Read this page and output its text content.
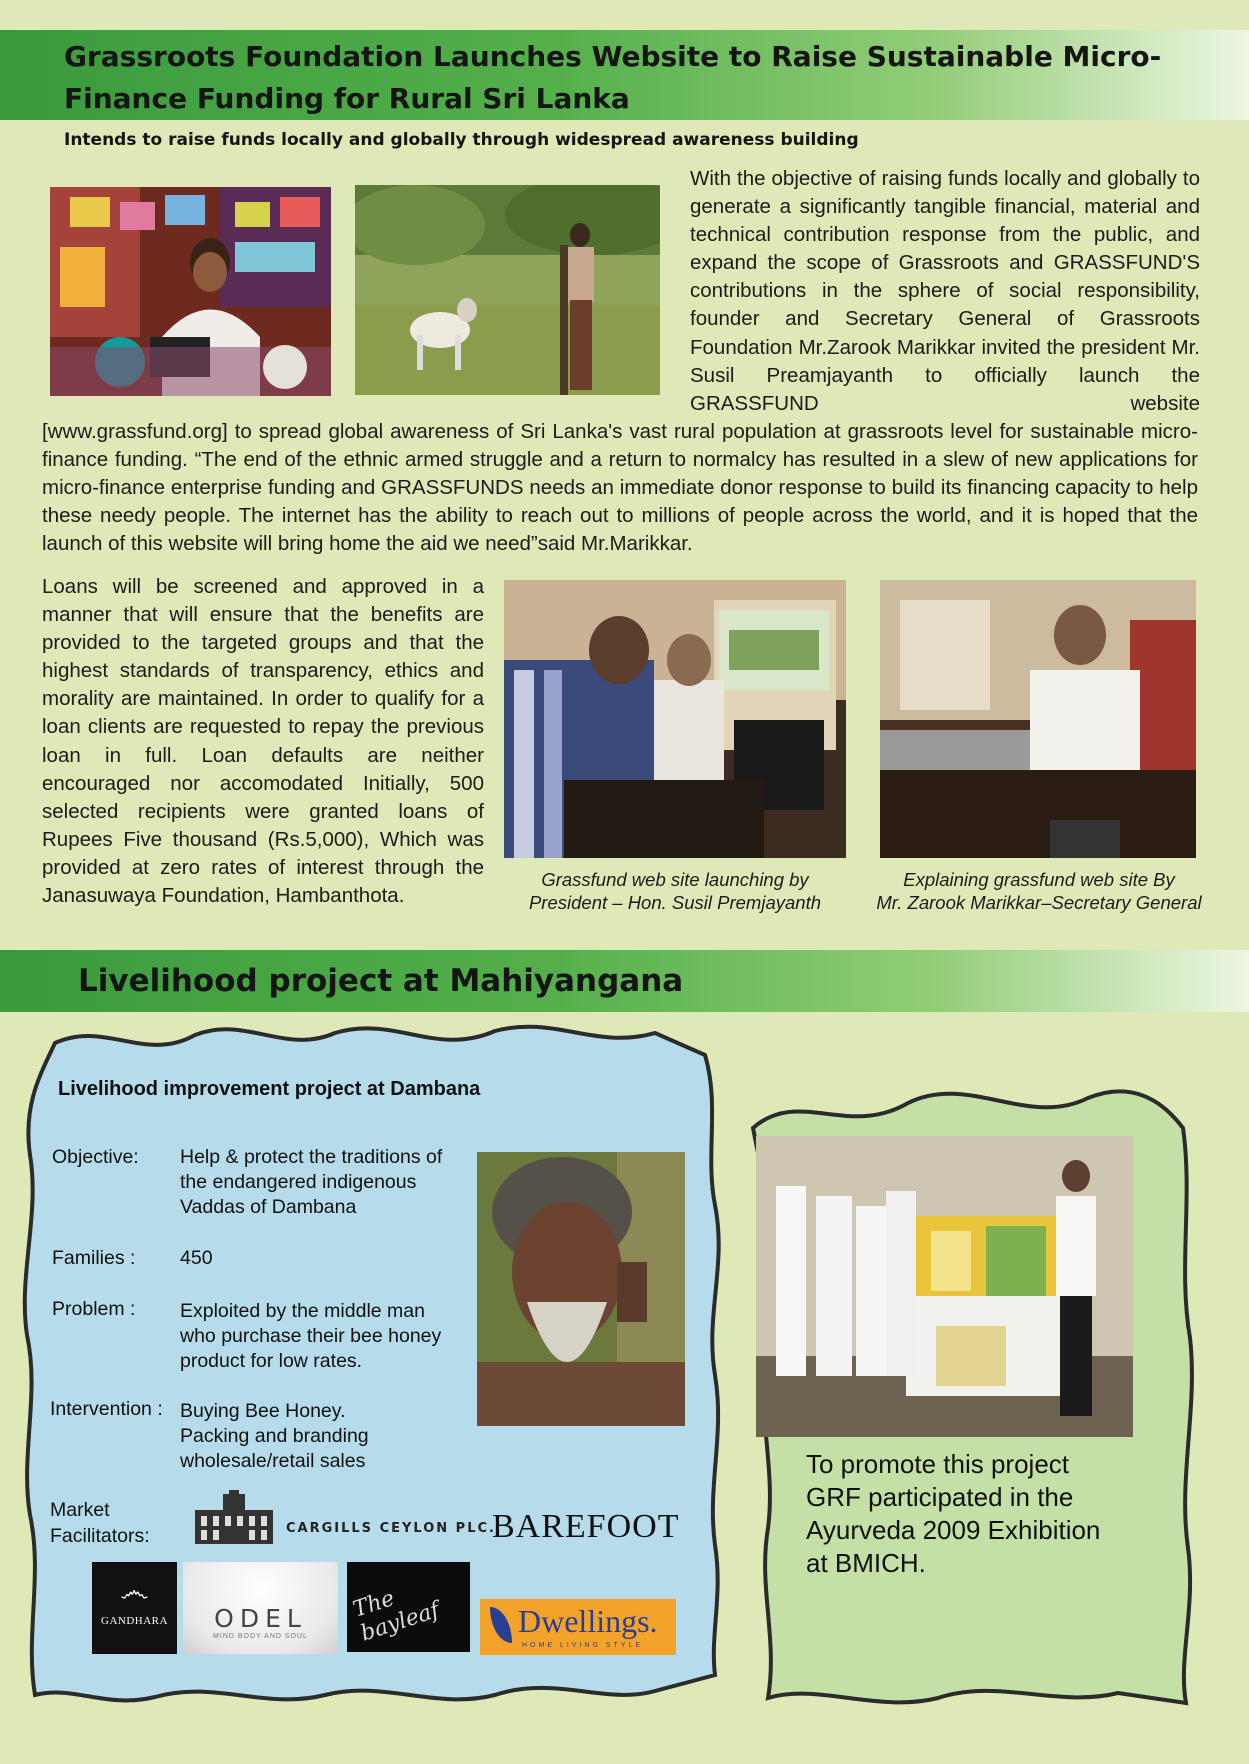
Grassroots Foundation Launches Website to Raise Sustainable Micro-Finance Funding for Rural Sri Lanka

Intends to raise funds locally and globally through widespread awareness building

With the objective of raising funds locally and globally to generate a significantly tangible financial, material and technical contribution response from the public, and expand the scope of Grassroots and GRASSFUND'S contributions in the sphere of social responsibility, founder and Secretary General of Grassroots Foundation Mr.Zarook Marikkar invited the president Mr. Susil Preamjayanth to officially launch the GRASSFUND website

[www.grassfund.org] to spread global awareness of Sri Lanka's vast rural population at grassroots level for sustainable micro-finance funding. “The end of the ethnic armed struggle and a return to normalcy has resulted in a slew of new applications for micro-finance enterprise funding and GRASSFUNDS needs an immediate donor response to build its financing capacity to help these needy people. The internet has the ability to reach out to millions of people across the world, and it is hoped that the launch of this website will bring home the aid we need”said Mr.Marikkar.

Loans will be screened and approved in a manner that will ensure that the benefits are provided to the targeted groups and that the highest standards of transparency, ethics and morality are maintained. In order to qualify for a loan clients are requested to repay the previous loan in full. Loan defaults are neither encouraged nor accomodated Initially, 500 selected recipients were granted loans of Rupees Five thousand (Rs.5,000), Which was provided at zero rates of interest through the Janasuwaya Foundation, Hambanthota.

Grassfund web site launching by
President – Hon. Susil Premjayanth

Explaining grassfund web site By
Mr. Zarook Marikkar–Secretary General

Livelihood project at Mahiyangana

Livelihood improvement project at Dambana

Objective: Help & protect the traditions of
the endangered indigenous
Vaddas of Dambana

Families : 450

Problem : Exploited by the middle man
who purchase their bee honey
product for low rates.

Intervention : Buying Bee Honey.
Packing and branding
wholesale/retail sales

Market

Facilitators:	CARGILLS CEYLON PLC.
BAREFOOT
෴
GANDHARA	ODEL
MIND BODY AND SOUL
The bayleaf	Dwellings.
HOME LIVING STYLE

To promote this project
GRF participated in the
Ayurveda 2009 Exhibition
at BMICH.
